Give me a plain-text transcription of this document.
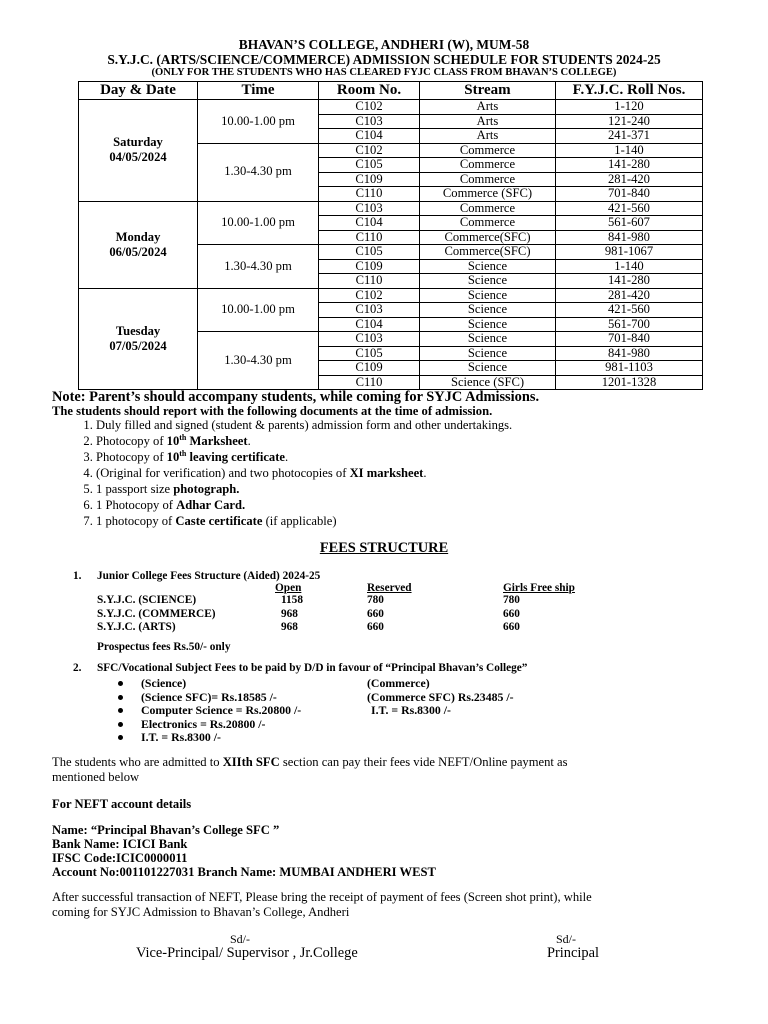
BHAVAN’S COLLEGE, ANDHERI (W), MUM-58
S.Y.J.C. (ARTS/SCIENCE/COMMERCE) ADMISSION SCHEDULE FOR STUDENTS 2024-25
(ONLY FOR THE STUDENTS WHO HAS CLEARED FYJC CLASS FROM BHAVAN’S COLLEGE)
Day & Date	Time	Room No.	Stream	F.Y.J.C. Roll Nos.

Saturday
04/05/2024	10.00-1.00 pm	C102	Arts	1-120
		C103	Arts	121-240
		C104	Arts	241-371
	1.30-4.30 pm	C102	Commerce	1-140
		C105	Commerce	141-280
		C109	Commerce	281-420
		C110	Commerce (SFC)	701-840

Monday
06/05/2024	10.00-1.00 pm	C103	Commerce	421-560
		C104	Commerce	561-607
		C110	Commerce(SFC)	841-980
	1.30-4.30 pm	C105	Commerce(SFC)	981-1067
		C109	Science	1-140
		C110	Science	141-280

Tuesday
07/05/2024	10.00-1.00 pm	C102	Science	281-420
		C103	Science	421-560
		C104	Science	561-700
	1.30-4.30 pm	C103	Science	701-840
		C105	Science	841-980
		C109	Science	981-1103
		C110	Science (SFC)	1201-1328
Note: Parent’s should accompany students, while coming for SYJC Admissions.
The students should report with the following documents at the time of admission.
1. Duly filled and signed (student & parents) admission form and other undertakings.
2. Photocopy of 10th Marksheet.
3. Photocopy of 10th leaving certificate.
4. (Original for verification) and two photocopies of XI marksheet.
5. 1 passport size photograph.
6. 1 Photocopy of Adhar Card.
7. 1 photocopy of Caste certificate (if applicable)
FEES STRUCTURE
1. Junior College Fees Structure (Aided) 2024-25
Open	Reserved	Girls Free ship
S.Y.J.C. (SCIENCE)	1158	780	780
S.Y.J.C. (COMMERCE)	968	660	660
S.Y.J.C. (ARTS)	968	660	660
Prospectus fees Rs.50/- only
2. SFC/Vocational Subject Fees to be paid by D/D in favour of “Principal Bhavan’s College”
(Science)	(Commerce)
(Science SFC)= Rs.18585 /-	(Commerce SFC) Rs.23485 /-
Computer Science = Rs.20800 /-	I.T. = Rs.8300 /-
Electronics = Rs.20800 /-
I.T. = Rs.8300 /-
The students who are admitted to XIIth SFC section can pay their fees vide NEFT/Online payment as
mentioned below
For NEFT account details
Name: “Principal Bhavan’s College SFC ”
Bank Name: ICICI Bank
IFSC Code:ICIC0000011
Account No:001101227031 Branch Name: MUMBAI ANDHERI WEST
After successful transaction of NEFT, Please bring the receipt of payment of fees (Screen shot print), while
coming for SYJC Admission to Bhavan’s College, Andheri
Sd/-
Vice-Principal/ Supervisor , Jr.College
Sd/-
Principal
